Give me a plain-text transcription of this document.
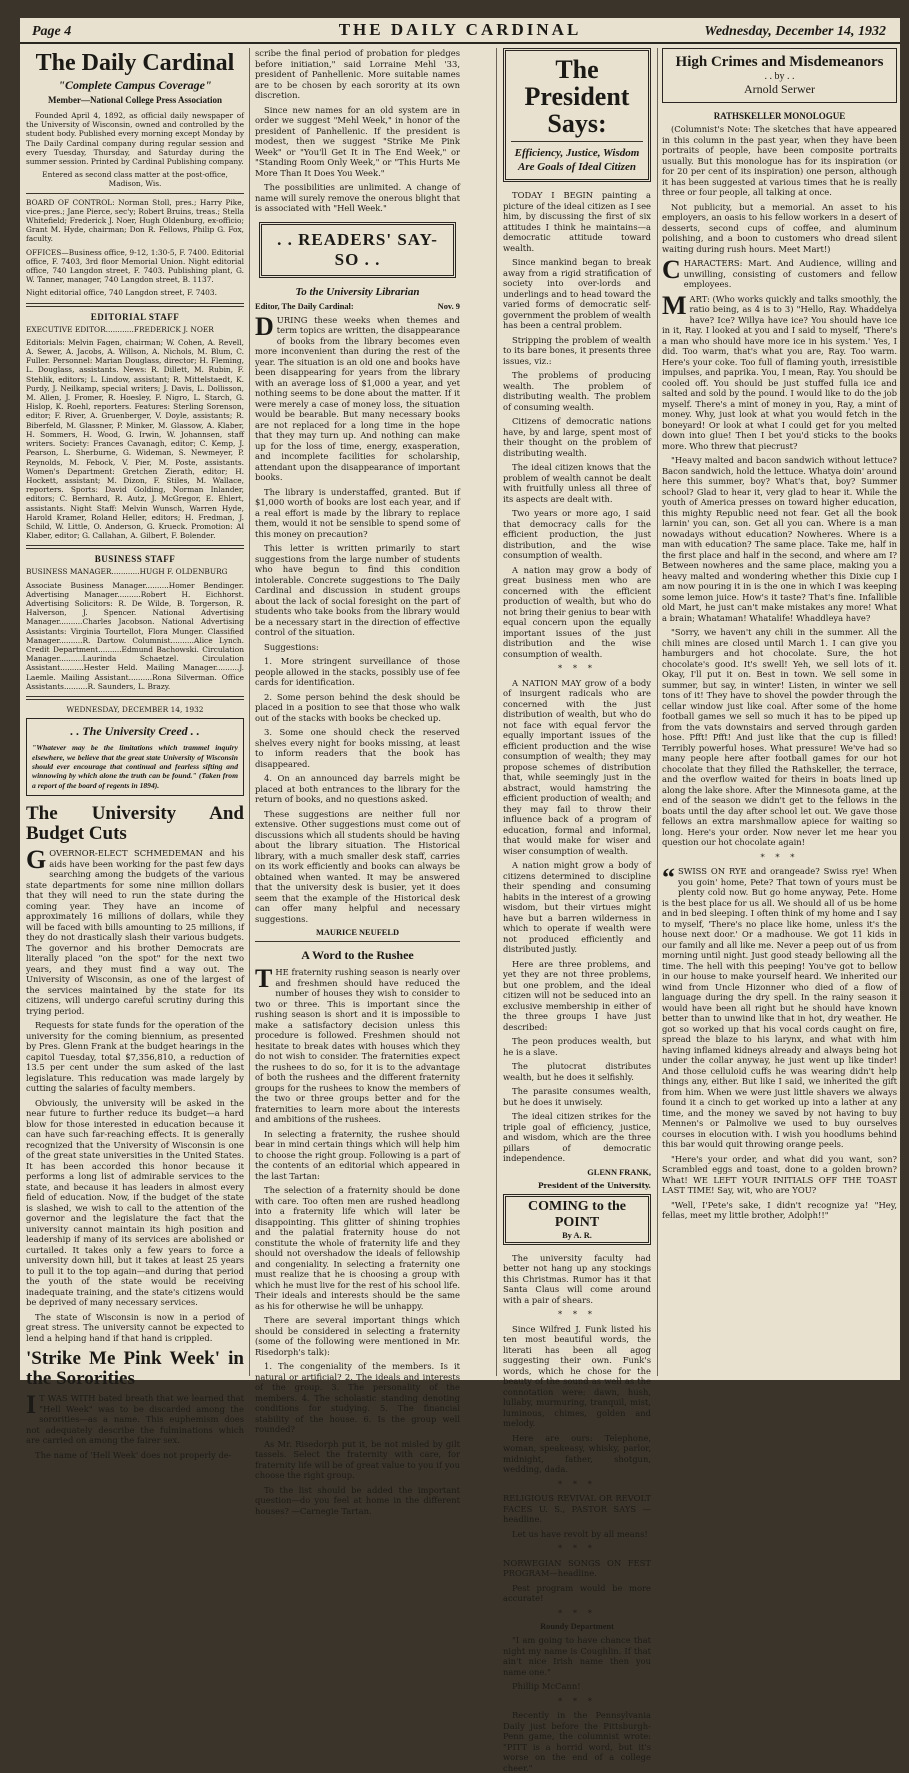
Page 4	THE DAILY CARDINAL	Wednesday, December 14, 1932
The Daily Cardinal
"Complete Campus Coverage"
Member—National College Press Association

Founded April 4, 1892, as official daily newspaper of the University of Wisconsin, owned and controlled by the student body. Published every morning except Monday by The Daily Cardinal company during regular session and every Tuesday, Thursday, and Saturday during the summer session. Printed by Cardinal Publishing company.

Entered as second class matter at the post-office, Madison, Wis.

BOARD OF CONTROL: Norman Stoll, pres.; Harry Pike, vice-pres.; Jane Pierce, sec'y; Robert Bruins, treas.; Stella Whitefield; Frederick J. Noer, Hugh Oldenburg, ex-officio; Grant M. Hyde, chairman; Don R. Fellows, Philip G. Fox, faculty.

OFFICES—Business office, 9-12, 1:30-5, F. 7400. Editorial office, F. 7403, 3rd floor Memorial Union. Night editorial office, 740 Langdon street, F. 7403. Publishing plant, G. W. Tanner, manager, 740 Langdon street, B. 1137.

Night editorial office, 740 Langdon street, F. 7403.

EDITORIAL STAFF

EXECUTIVE EDITOR............FREDERICK J. NOER

Editorials: Melvin Fagen, chairman; W. Cohen, A. Revell, A. Sewer, A. Jacobs, A. Willson, A. Nichols, M. Blum, C. Fuller. Personnel: Marian Douglass, director; H. Fleming, L. Douglass, assistants. News: R. Dillett, M. Rubin, F. Stehlik, editors; L. Lindow, assistant; R. Mittelstaedt, K. Purdy, J. Neilkamp, special writers; J. Davis, L. Dollisson, M. Allen, J. Fromer, R. Hoesley, F. Nigro, L. Starch, G. Hislop, K. Roehl, reporters. Features: Sterling Sorenson, editor; F. River, A. Gruenberger, V. Doyle, assistants; R. Biberfeld, M. Glassner, P. Minker, M. Glassow, A. Klaber, H. Sommers, H. Wood, G. Irwin, W. Johannsen, staff writers. Society: Frances Cavanagh, editor; C. Kemp, J. Pearson, L. Sherburne, G. Wideman, S. Newmeyer, P. Reynolds, M. Febock, V. Pier, M. Poste, assistants. Women's Department: Gretchen Zierath, editor; H. Hockett, assistant; M. Dizon, F. Stiles, M. Wallace, reporters. Sports: David Golding, Norman Inlander, editors; C. Bernhard, R. Autz, J. McGregor, E. Ehlert, assistants. Night Staff: Melvin Wunsch, Warren Hyde, Harold Kramer, Roland Heller, editors; H. Fredman, J. Schild, W. Little, O. Anderson, G. Krueck. Promotion: Al Klaber, editor; G. Callahan, A. Gilbert, F. Bolender.

BUSINESS STAFF

BUSINESS MANAGER............HUGH F. OLDENBURG

Associate Business Manager..........Homer Bendinger. Advertising Manager..........Robert H. Eichhorst. Advertising Solicitors: R. De Wilde, B. Torgerson, R. Halverson, J. Spencer. National Advertising Manager..........Charles Jacobson. National Advertising Assistants: Virginia Tourtellot, Flora Munger. Classified Manager..........R. Dartow. Columnist..........Alice Lynch. Credit Department..........Edmund Bachowski. Circulation Manager..........Laurinda Schaetzel. Circulation Assistant..........Hester Held. Mailing Manager..........J. Laemle. Mailing Assistant..........Rona Silverman. Office Assistants..........R. Saunders, L. Brazy.

WEDNESDAY, DECEMBER 14, 1932

. . The University Creed . .
"Whatever may be the limitations which trammel inquiry elsewhere, we believe that the great state University of Wisconsin should ever encourage that continual and fearless sifting and winnowing by which alone the truth can be found." (Taken from a report of the board of regents in 1894).
The University And Budget Cuts

GOVERNOR-ELECT SCHMEDEMAN and his aids have been working for the past few days searching among the budgets of the various state departments for some nine million dollars that they will need to run the state during the coming year. They have an income of approximately 16 millions of dollars, while they will be faced with bills amounting to 25 millions, if they do not drastically slash their various budgets. The governor and his brother Democrats are literally placed "on the spot" for the next two years, and they must find a way out. The University of Wisconsin, as one of the largest of the services maintained by the state for its citizens, will undergo careful scrutiny during this trying period.

Requests for state funds for the operation of the university for the coming biennium, as presented by Pres. Glenn Frank at the budget hearings in the capitol Tuesday, total $7,356,810, a reduction of 13.5 per cent under the sum asked of the last legislature. This reducation was made largely by cutting the salaries of faculty members.

Obviously, the university will be asked in the near future to further reduce its budget—a hard blow for those interested in education because it can have such far-reaching effects. It is generally recognized that the University of Wisconsin is one of the great state universities in the United States. It has been accorded this honor because it performs a long list of admirable services to the state, and because it has leaders in almost every field of education. Now, if the budget of the state is slashed, we wish to call to the attention of the governor and the legislature the fact that the university cannot maintain its high position and leadership if many of its services are abolished or curtailed. It takes only a few years to force a university down hill, but it takes at least 25 years to pull it to the top again—and during that period the youth of the state would be receiving inadequate training, and the state's citizens would be deprived of many necessary services.

The state of Wisconsin is now in a period of great stress. The university cannot be expected to lend a helping hand if that hand is crippled.

'Strike Me Pink Week' in the Sororities

I T WAS WITH bated breath that we learned that "Hell Week" was to be discarded among the sororities—as a name. This euphemism does not adequately describe the fulminations which are carried on among the fairer sex.

The name of 'Hell Week' does not properly de-

scribe the final period of probation for pledges before initiation," said Lorraine Mehl '33, president of Panhellenic. More suitable names are to be chosen by each sorority at its own discretion.

Since new names for an old system are in order we suggest "Mehl Week," in honor of the president of Panhellenic. If the president is modest, then we suggest "Strike Me Pink Week" or "You'll Get It in The End Week," or "Standing Room Only Week," or "This Hurts Me More Than It Does You Week."

The possibilities are unlimited. A change of name will surely remove the onerous blight that is associated with "Hell Week."

. . READERS' SAY-SO . .
To the University Librarian

Editor, The Daily Cardinal:	Nov. 9

DURING these weeks when themes and term topics are written, the disappearance of books from the library becomes even more inconvenient than during the rest of the year. The situation is an old one and books have been disappearing for years from the library with an average loss of $1,000 a year, and yet nothing seems to be done about the matter. If it were merely a case of money loss, the situation would be bearable. But many necessary books are not replaced for a long time in the hope that they may turn up. And nothing can make up for the loss of time, energy, exasperation, and incomplete facilities for scholarship, attendant upon the disappearance of important books.

The library is understaffed, granted. But if $1,000 worth of books are lost each year, and if a real effort is made by the library to replace them, would it not be sensible to spend some of this money on precaution?

This letter is written primarily to start suggestions from the large number of students who have begun to find this condition intolerable. Concrete suggestions to The Daily Cardinal and discussion in student groups about the lack of social foresight on the part of students who take books from the library would be a necessary start in the direction of effective control of the situation.

Suggestions:

1. More stringent surveillance of those people allowed in the stacks, possibly use of fee cards for identification.

2. Some person behind the desk should be placed in a position to see that those who walk out of the stacks with books be checked up.

3. Some one should check the reserved shelves every night for books missing, at least to inform readers that the book has disappeared.

4. On an announced day barrels might be placed at both entrances to the library for the return of books, and no questions asked.

These suggestions are neither full nor extensive. Other suggestions must come out of discussions which all students should be having about the library situation. The Historical library, with a much smaller desk staff, carries on its work efficiently and books can always be obtained when wanted. It may be answered that the university desk is busier, yet it does seem that the example of the Historical desk can offer many helpful and necessary suggestions.

MAURICE NEUFELD

A Word to the Rushee

THE fraternity rushing season is nearly over and freshmen should have reduced the number of houses they wish to consider to two or three. This is important since the rushing season is short and it is impossible to make a satisfactory decision unless this procedure is followed. Freshmen should not hesitate to break dates with houses which they do not wish to consider. The fraternities expect the rushees to do so, for it is to the advantage of both the rushees and the different fraternity groups for the rushees to know the members of the two or three groups better and for the fraternities to learn more about the interests and ambitions of the rushees.

In selecting a fraternity, the rushee should bear in mind certain things which will help him to choose the right group. Following is a part of the contents of an editorial which appeared in the last Tartan:

The selection of a fraternity should be done with care. Too often men are rushed headlong into a fraternity life which will later be disappointing. This glitter of shining trophies and the palatial fraternity house do not constitute the whole of fraternity life and they should not overshadow the ideals of fellowship and congeniality. In selecting a fraternity one must realize that he is choosing a group with which he must live for the rest of his school life. Their ideals and interests should be the same as his for otherwise he will be unhappy.

There are several important things which should be considered in selecting a fraternity (some of the following were mentioned in Mr. Risedorph's talk):

1. The congeniality of the members. Is it natural or artificial? 2. The ideals and interests of the group. 3. The personality of the members. 4. The scholastic standing denoting conditions for studying. 5. The financial stability of the house. 6. Is the group well rounded?

As Mr. Risedorph put it, be not misled by gilt tassels. Select the fraternity with care, for fraternity life will be of great value to you if you choose the right group.

To the list should be added the important question—do you feel at home in the different houses? —Carnegie Tartan.

The President Says:
Efficiency, Justice, Wisdom Are Goals of Ideal Citizen

TODAY I BEGIN painting a picture of the ideal citizen as I see him, by discussing the first of six attitudes I think he maintains—a democratic attitude toward wealth.

Since mankind began to break away from a rigid stratification of society into over-lords and underlings and to head toward the varied forms of democratic self-government the problem of wealth has been a central problem.

Stripping the problem of wealth to its bare bones, it presents three issues, viz.:

The problems of producing wealth. The problem of distributing wealth. The problem of consuming wealth.

Citizens of democratic nations have, by and large, spent most of their thought on the problem of distributing wealth.

The ideal citizen knows that the problem of wealth cannot be dealt with fruitfully unless all three of its aspects are dealt with.

Two years or more ago, I said that democracy calls for the efficient production, the just distribution, and the wise consumption of wealth.

A nation may grow a body of great business men who are concerned with the efficient production of wealth, but who do not bring their genius to bear with equal concern upon the equally important issues of the just distribution and the wise consumption of wealth.

* * *

A NATION MAY grow of a body of insurgent radicals who are concerned with the just distribution of wealth, but who do not face with equal fervor the equally important issues of the efficient production and the wise consumption of wealth; they may propose schemes of distribution that, while seemingly just in the abstract, would hamstring the efficient production of wealth; and they may fail to throw their influence back of a program of education, formal and informal, that would make for wiser and wiser consumption of wealth.

A nation might grow a body of citizens determined to discipline their spending and consuming habits in the interest of a growing wisdom, but their virtues might have but a barren wilderness in which to operate if wealth were not produced efficiently and distributed justly.

Here are three problems, and yet they are not three problems, but one problem, and the ideal citizen will not be seduced into an exclusive membership in either of the three groups I have just described:

The peon produces wealth, but he is a slave.

The plutocrat distributes wealth, but he does it selfishly.

The parasite consumes wealth, but he does it unwisely.

The ideal citizen strikes for the triple goal of efficiency, justice, and wisdom, which are the three pillars of democratic independence.

GLENN FRANK,

President of the University.

COMING to the POINT
By A. R.

The university faculty had better not hang up any stockings this Christmas. Rumor has it that Santa Claus will come around with a pair of shears.

* * *

Since Wilfred J. Funk listed his ten most beautiful words, the literati has been all agog suggesting their own. Funk's words, which he chose for the beauty of the sound as well as the connotation were: dawn, hush, lullaby, murmuring, tranquil, mist, luminous, chimes, golden and melody.

Here are ours: Telephone, woman, speakeasy, whisky, parlor, midnight, father, shotgun, wedding, dada.

* * *

RELIGIOUS REVIVAL OR REVOLT FACES U. S., PASTOR SAYS —headline.

Let us have revolt by all means!

* * *

NORWEGIAN SONGS ON FEST PROGRAM—headline.

Pest program would be more accurate!

* * *

Roundy Department

"I am going to have chance that night my name is Coughlin. If that ain't nice Irish name then you name one."

Phillip McCann!

* * *

Recently in the Pennsylvania Daily just before the Pittsburgh-Penn game, the columnist wrote: "PITT is a horrid word, but it's worse on the end of a college cheer."

High Crimes and Misdemeanors
. . by . .
Arnold Serwer
RATHSKELLER MONOLOGUE

(Columnist's Note: The sketches that have appeared in this column in the past year, when they have been portraits of people, have been composite portraits usually. But this monologue has for its inspiration (or for 20 per cent of its inspiration) one person, although it has been suggested at various times that he is really three or four people, all talking at once.

Not publicity, but a memorial. An asset to his employers, an oasis to his fellow workers in a desert of desserts, second cups of coffee, and aluminum polishing, and a boon to customers who dread silent waiting during rush hours. Meet Mart!)

CHARACTERS: Mart. And Audience, willing and unwilling, consisting of customers and fellow employees.

MART: (Who works quickly and talks smoothly, the ratio being, as 4 is to 3) "Hello, Ray. Whaddelya have? Ice? Willya have ice? You should have ice in it, Ray. I looked at you and I said to myself, 'There's a man who should have more ice in his system.' Yes, I did. Too warm, that's what you are, Ray. Too warm. Here's your coke. Too full of flaming youth, irresistible impulses, and paprika. You, I mean, Ray. You should be cooled off. You should be just stuffed fulla ice and salted and sold by the pound. I would like to do the job myself. There's a mint of money in you, Ray, a mint of money. Why, just look at what you would fetch in the boneyard! Or look at what I could get for you melted down into glue! Then I bet you'd sticks to the books more. Who threw that piecrust?

"Heavy malted and bacon sandwich without lettuce? Bacon sandwich, hold the lettuce. Whatya doin' around here this summer, boy? What's that, boy? Summer school? Glad to hear it, very glad to hear it. While the youth of America presses on toward higher education, this mighty Republic need not fear. Get all the book larnin' you can, son. Get all you can. Where is a man nowadays without education? Nowheres. Where is a man with education? The same place. Take me, half in the first place and half in the second, and where am I? Between nowheres and the same place, making you a heavy malted and wondering whether this Dixie cup I am now pouring it in is the one in which I was keeping some lemon juice. How's it taste? That's fine. Infallible old Mart, he just can't make mistakes any more! What a brain; Whataman! Whatalife! Whaddleya have?

"Sorry, we haven't any chili in the summer. All the chili mines are closed until March 1. I can give you hamburgers and hot chocolate. Sure, the hot chocolate's good. It's swell! Yeh, we sell lots of it. Okay, I'll put it on. Best in town. We sell some in summer, but say, in winter! Listen, in winter we sell tons of it! They have to shovel the powder through the cellar window just like coal. After some of the home football games we sell so much it has to be piped up from the vats downstairs and served through garden hose. Pfft! Pfft! And just like that the cup is filled! Terribly powerful hoses. What pressure! We've had so many people here after football games for our hot chocolate that they filled the Rathskeller, the terrace, and the overflow waited for theirs in boats lined up along the lake shore. After the Minnesota game, at the end of the season we didn't get to the fellows in the boats until the day after school let out. We gave those fellows an extra marshmallow apiece for waiting so long. Here's your order. Now never let me hear you question our hot chocolate again!

* * *

“ SWISS ON RYE and orangeade? Swiss rye! When you goin' home, Pete? That town of yours must be plenty cold now. But go home anyway, Pete. Home is the best place for us all. We should all of us be home and in bed sleeping. I often think of my home and I say to myself, 'There's no place like home, unless it's the house next door.' Or a madhouse. We got 11 kids in our family and all like me. Never a peep out of us from morning until night. Just good steady bellowing all the time. The hell with this peeping! You've got to bellow in our house to make yourself heard. We inherited our wind from Uncle Hizonner who died of a flow of language during the dry spell. In the rainy season it would have been all right but he should have known better than to unwind like that in hot, dry weather. He got so worked up that his vocal cords caught on fire, spread the blaze to his larynx, and what with him having inflamed kidneys already and always being hot under the collar anyway, he just went up like tinder! And those celluloid cuffs he was wearing didn't help things any, either. But like I said, we inherited the gift from him. When we were just little shavers we always found it a cinch to get worked up into a lather at any time, and the money we saved by not having to buy Mennen's or Palmolive we used to buy ourselves courses in elocution with. I wish you hoodlums behind this bar would quit throwing orange peels.

"Here's your order, and what did you want, son? Scrambled eggs and toast, done to a golden brown? What! WE LEFT YOUR INITIALS OFF THE TOAST LAST TIME! Say, wit, who are YOU?

"Well, I'Pete's sake, I didn't recognize ya! "Hey, fellas, meet my little brother, Adolph!!"
